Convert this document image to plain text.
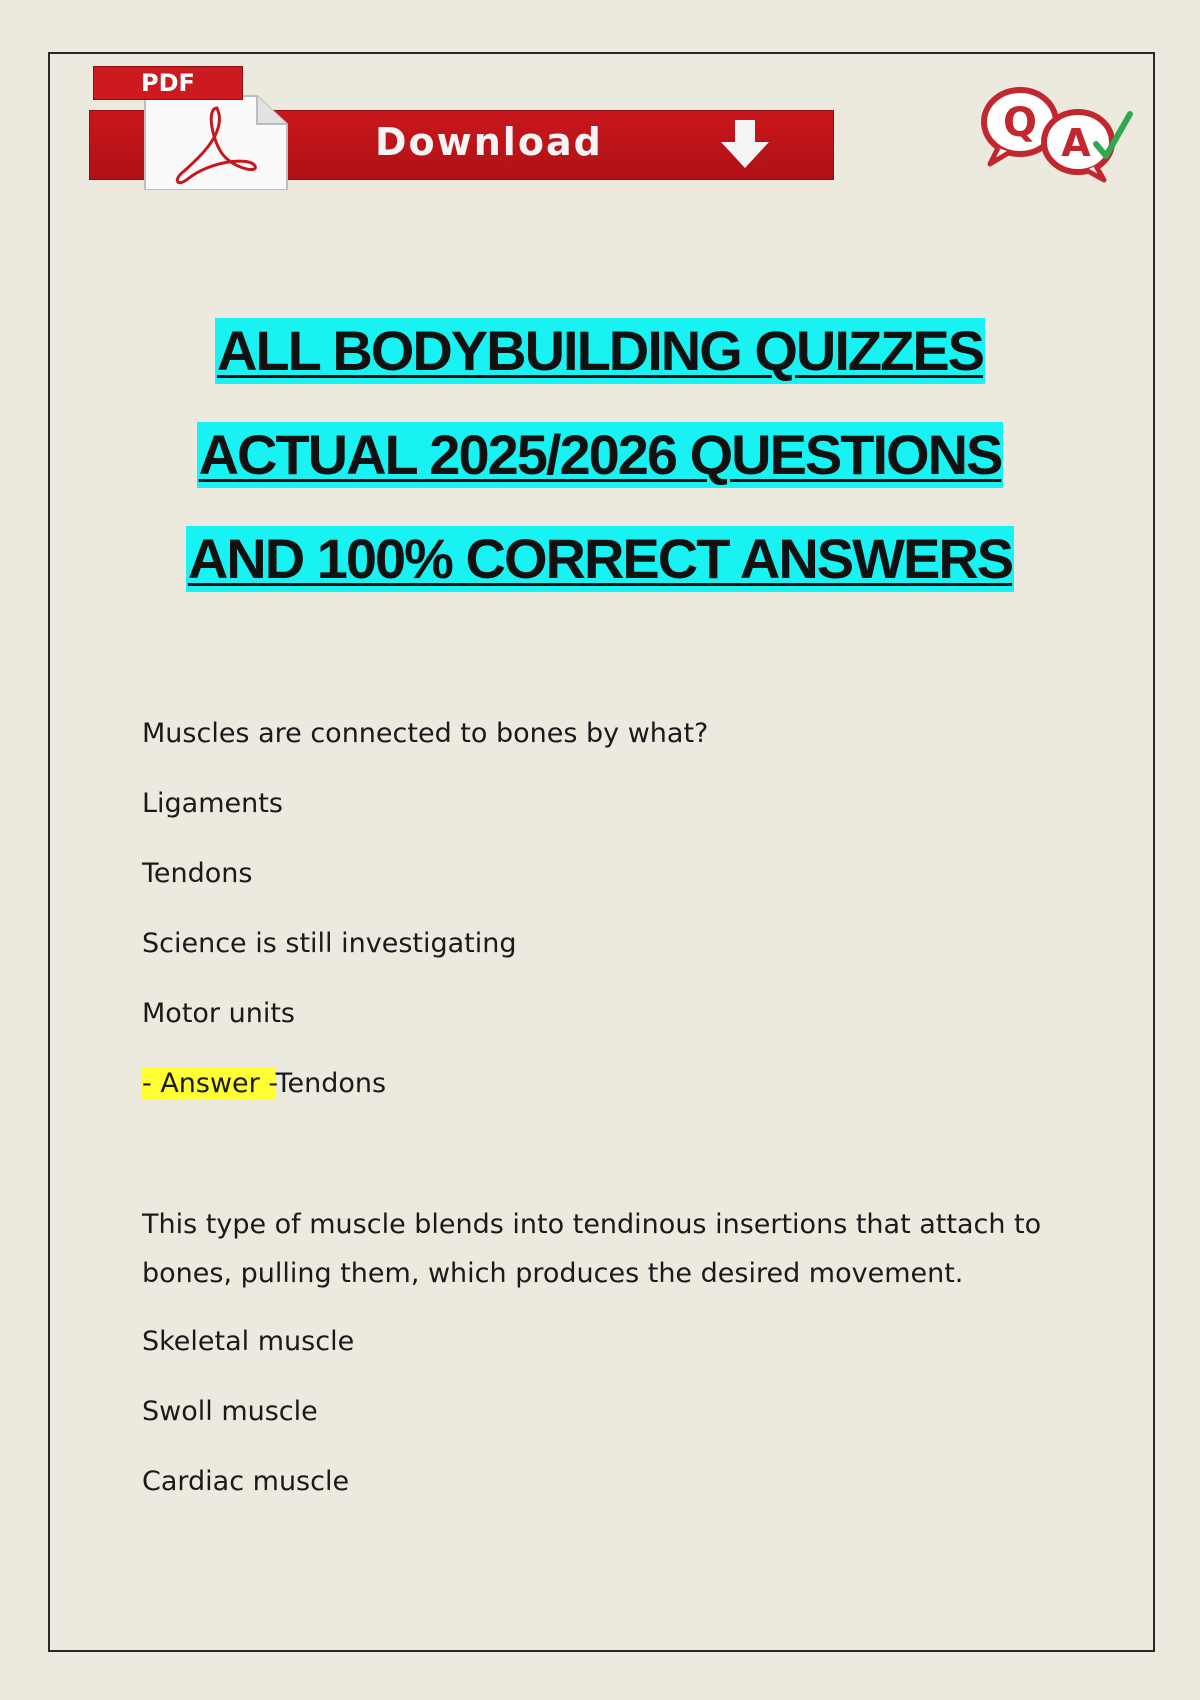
PDF
Download	Q A
ALL BODYBUILDING QUIZZES
ACTUAL 2025/2026 QUESTIONS
AND 100% CORRECT ANSWERS
Muscles are connected to bones by what?
Ligaments
Tendons
Science is still investigating
Motor units
- Answer -Tendons
This type of muscle blends into tendinous insertions that attach to bones, pulling them, which produces the desired movement.
Skeletal muscle
Swoll muscle
Cardiac muscle
